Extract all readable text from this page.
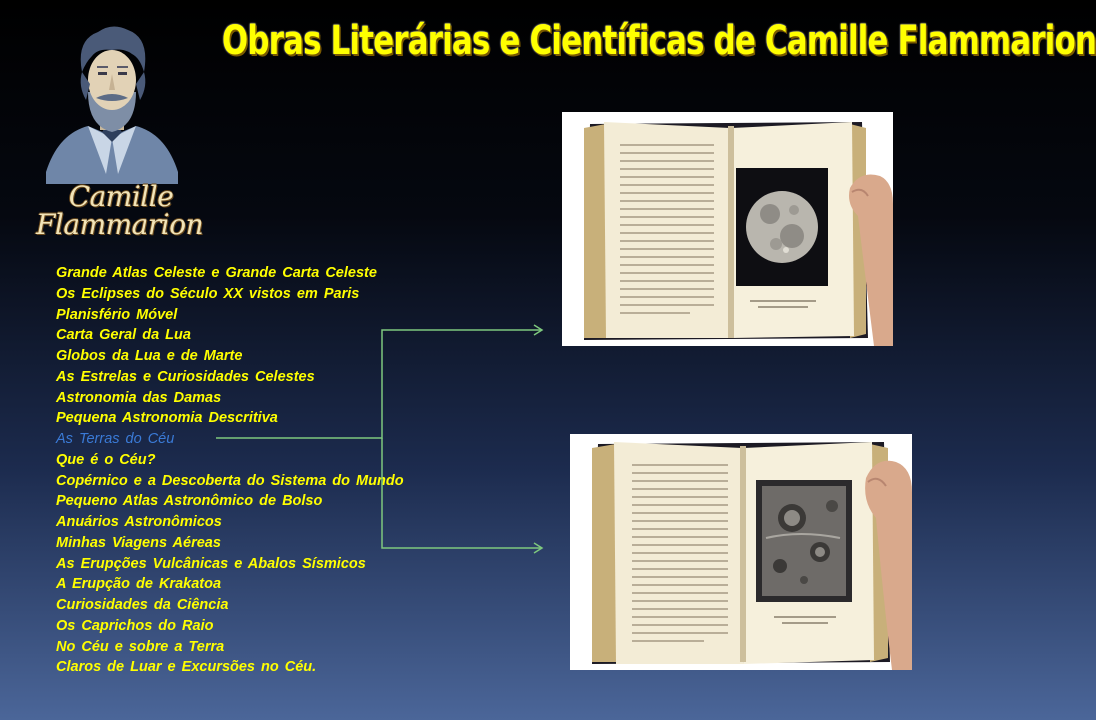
Obras Literárias e Científicas de Camille Flammarion
Camille
Flammarion
Grande Atlas Celeste e Grande Carta Celeste
Os Eclipses do Século XX vistos em Paris
Planisfério Móvel
Carta Geral da Lua
Globos da Lua e de Marte
As Estrelas e Curiosidades Celestes
Astronomia das Damas
Pequena Astronomia Descritiva
As Terras do Céu
Que é o Céu?
Copérnico e a Descoberta do Sistema do Mundo
Pequeno Atlas Astronômico de Bolso
Anuários Astronômicos
Minhas Viagens Aéreas
As Erupções Vulcânicas e Abalos Sísmicos
A Erupção de Krakatoa
Curiosidades da Ciência
Os Caprichos do Raio
No Céu e sobre a Terra
Claros de Luar e Excursões no Céu.
